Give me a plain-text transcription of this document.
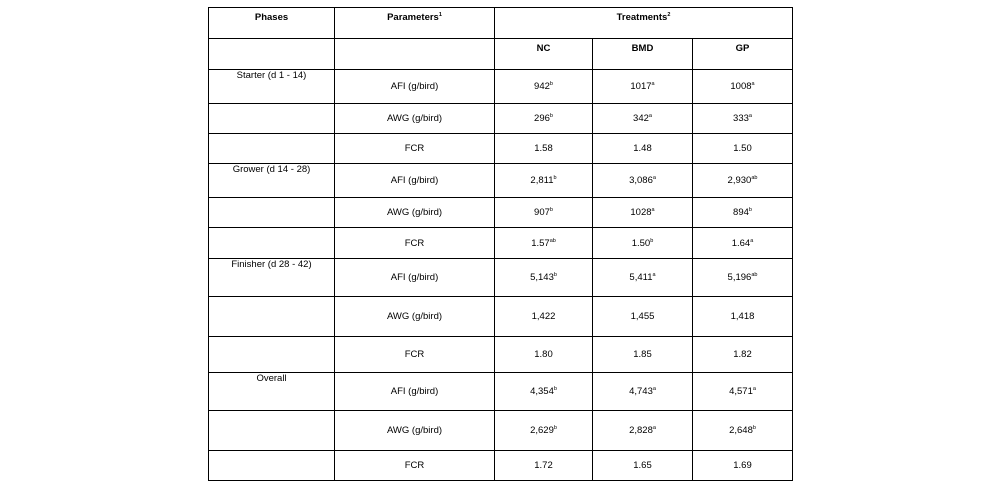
Phases	Parameters$^1$	Treatments$^2$
		NC	BMD	GP
Starter (d 1 - 14)	AFI (g/bird)	942$^b$	1017$^a$	1008$^a$
	AWG (g/bird)	296$^b$	342$^a$	333$^a$
	FCR	1.58	1.48	1.50
Grower (d 14 - 28)	AFI (g/bird)	2,811$^b$	3,086$^a$	2,930$^{ab}$
	AWG (g/bird)	907$^b$	1028$^a$	894$^b$
	FCR	1.57$^{ab}$	1.50$^b$	1.64$^a$
Finisher (d 28 - 42)	AFI (g/bird)	5,143$^b$	5,411$^a$	5,196$^{ab}$
	AWG (g/bird)	1,422	1,455	1,418
	FCR	1.80	1.85	1.82
Overall	AFI (g/bird)	4,354$^b$	4,743$^a$	4,571$^a$
	AWG (g/bird)	2,629$^b$	2,828$^a$	2,648$^b$
	FCR	1.72	1.65	1.69
